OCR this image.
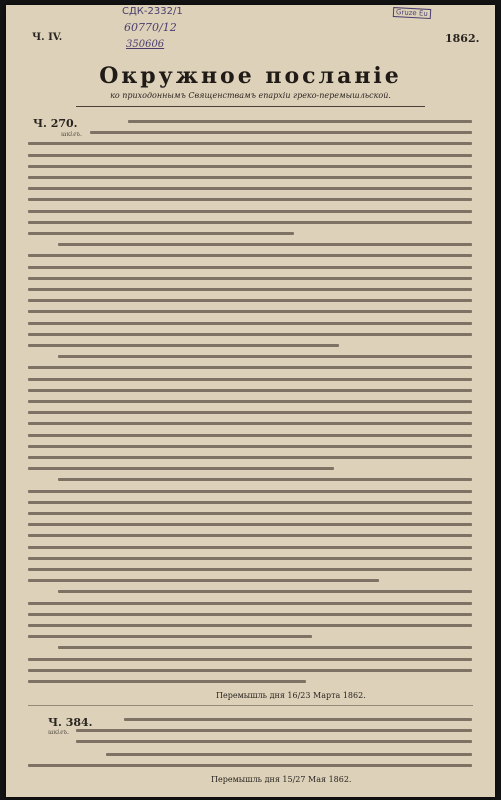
СДК-2332/1
60770/12
350606
Gruze Eu
Ч. IV.	1862.
Окружное посланіе
ко приходоннымъ Священствамъ епархіи греко-перемышльской.
Ч. 270.
шкілъ.
Перемышль дня 16/23 Марта 1862.
Ч. 384.
шкілъ.
Перемышль дня 15/27 Мая 1862.
